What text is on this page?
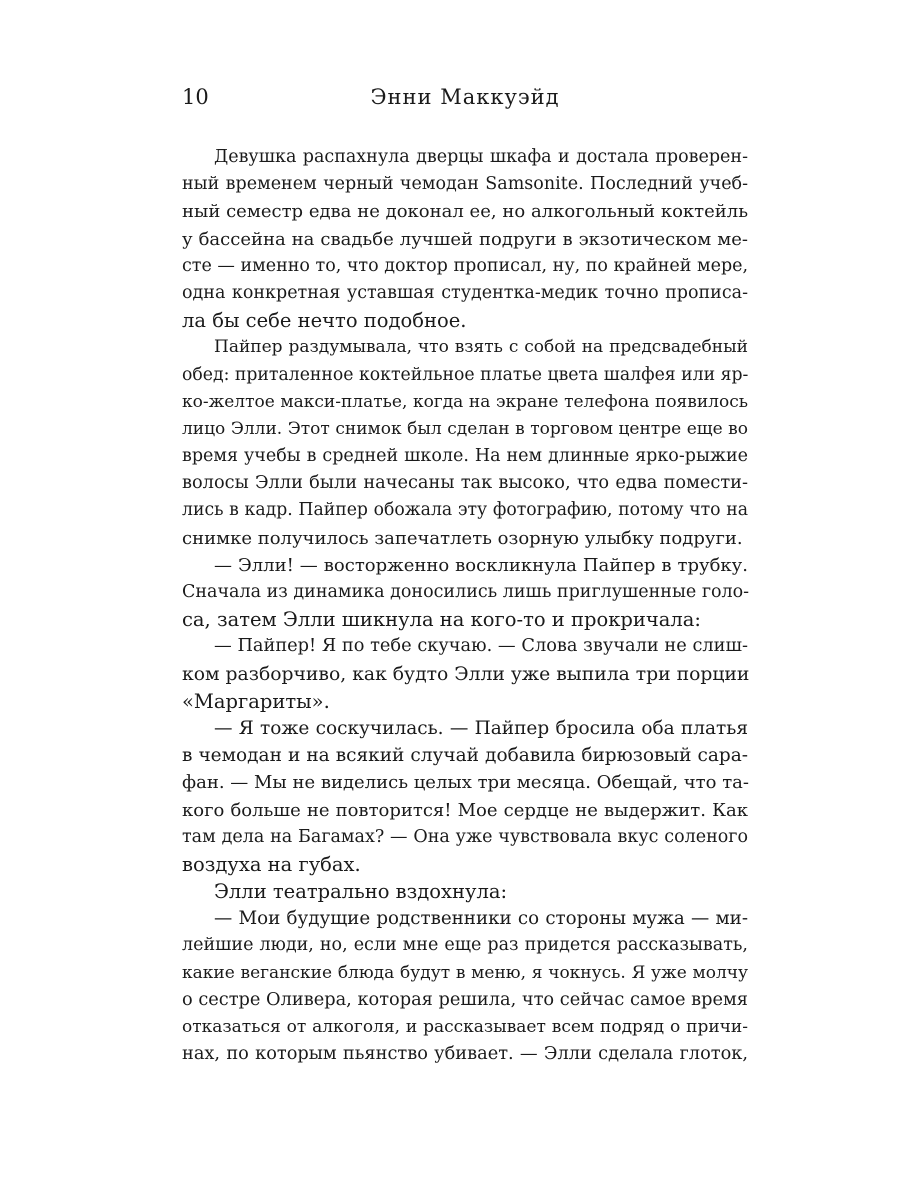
10	Энни Маккуэйд
Девушка распахнула дверцы шкафа и достала проверен-
ный временем черный чемодан Samsonite. Последний учеб-
ный семестр едва не доконал ее, но алкогольный коктейль
у бассейна на свадьбе лучшей подруги в экзотическом ме-
сте — именно то, что доктор прописал, ну, по крайней мере,
одна конкретная уставшая студентка-медик точно прописа-
ла бы себе нечто подобное.
Пайпер раздумывала, что взять с собой на предсвадебный
обед: приталенное коктейльное платье цвета шалфея или яр-
ко-желтое макси-платье, когда на экране телефона появилось
лицо Элли. Этот снимок был сделан в торговом центре еще во
время учебы в средней школе. На нем длинные ярко-рыжие
волосы Элли были начесаны так высоко, что едва помести-
лись в кадр. Пайпер обожала эту фотографию, потому что на
снимке получилось запечатлеть озорную улыбку подруги.
— Элли! — восторженно воскликнула Пайпер в трубку.
Сначала из динамика доносились лишь приглушенные голо-
са, затем Элли шикнула на кого-то и прокричала:
— Пайпер! Я по тебе скучаю. — Слова звучали не слиш-
ком разборчиво, как будто Элли уже выпила три порции
«Маргариты».
— Я тоже соскучилась. — Пайпер бросила оба платья
в чемодан и на всякий случай добавила бирюзовый сара-
фан. — Мы не виделись целых три месяца. Обещай, что та-
кого больше не повторится! Мое сердце не выдержит. Как
там дела на Багамах? — Она уже чувствовала вкус соленого
воздуха на губах.
Элли театрально вздохнула:
— Мои будущие родственники со стороны мужа — ми-
лейшие люди, но, если мне еще раз придется рассказывать,
какие веганские блюда будут в меню, я чокнусь. Я уже молчу
о сестре Оливера, которая решила, что сейчас самое время
отказаться от алкоголя, и рассказывает всем подряд о причи-
нах, по которым пьянство убивает. — Элли сделала глоток,
